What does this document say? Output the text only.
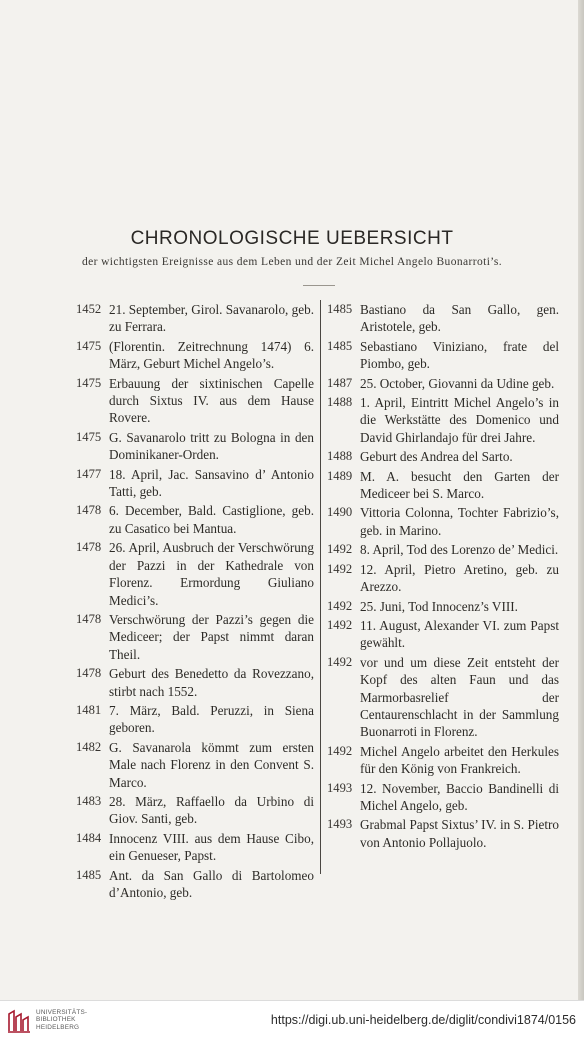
CHRONOLOGISCHE UEBERSICHT
der wichtigsten Ereignisse aus dem Leben und der Zeit Michel Angelo Buonarroti’s.
1452 21. September, Girol. Savanarolo, geb. zu Ferrara.
1475 (Florentin. Zeitrechnung 1474) 6. März, Geburt Michel Angelo’s.
1475 Erbauung der sixtinischen Capelle durch Sixtus IV. aus dem Hause Rovere.
1475 G. Savanarolo tritt zu Bologna in den Dominikaner-Orden.
1477 18. April, Jac. Sansavino d’ Antonio Tatti, geb.
1478 6. December, Bald. Castiglione, geb. zu Casatico bei Mantua.
1478 26. April, Ausbruch der Verschwörung der Pazzi in der Kathedrale von Florenz. Ermordung Giuliano Medici’s.
1478 Verschwörung der Pazzi’s gegen die Mediceer; der Papst nimmt daran Theil.
1478 Geburt des Benedetto da Rovezzano, stirbt nach 1552.
1481 7. März, Bald. Peruzzi, in Siena geboren.
1482 G. Savanarola kömmt zum ersten Male nach Florenz in den Convent S. Marco.
1483 28. März, Raffaello da Urbino di Giov. Santi, geb.
1484 Innocenz VIII. aus dem Hause Cibo, ein Genueser, Papst.
1485 Ant. da San Gallo di Bartolomeo d’Antonio, geb.
1485 Bastiano da San Gallo, gen. Aristotele, geb.
1485 Sebastiano Viniziano, frate del Piombo, geb.
1487 25. October, Giovanni da Udine geb.
1488 1. April, Eintritt Michel Angelo’s in die Werkstätte des Domenico und David Ghirlandajo für drei Jahre.
1488 Geburt des Andrea del Sarto.
1489 M. A. besucht den Garten der Mediceer bei S. Marco.
1490 Vittoria Colonna, Tochter Fabrizio’s, geb. in Marino.
1492 8. April, Tod des Lorenzo de’ Medici.
1492 12. April, Pietro Aretino, geb. zu Arezzo.
1492 25. Juni, Tod Innocenz’s VIII.
1492 11. August, Alexander VI. zum Papst gewählt.
1492 vor und um diese Zeit entsteht der Kopf des alten Faun und das Marmorbasrelief der Centaurenschlacht in der Sammlung Buonarroti in Florenz.
1492 Michel Angelo arbeitet den Herkules für den König von Frankreich.
1493 12. November, Baccio Bandinelli di Michel Angelo, geb.
1493 Grabmal Papst Sixtus’ IV. in S. Pietro von Antonio Pollajuolo.
UNIVERSITÄTS-
BIBLIOTHEK
HEIDELBERG
https://digi.ub.uni-heidelberg.de/diglit/condivi1874/0156
